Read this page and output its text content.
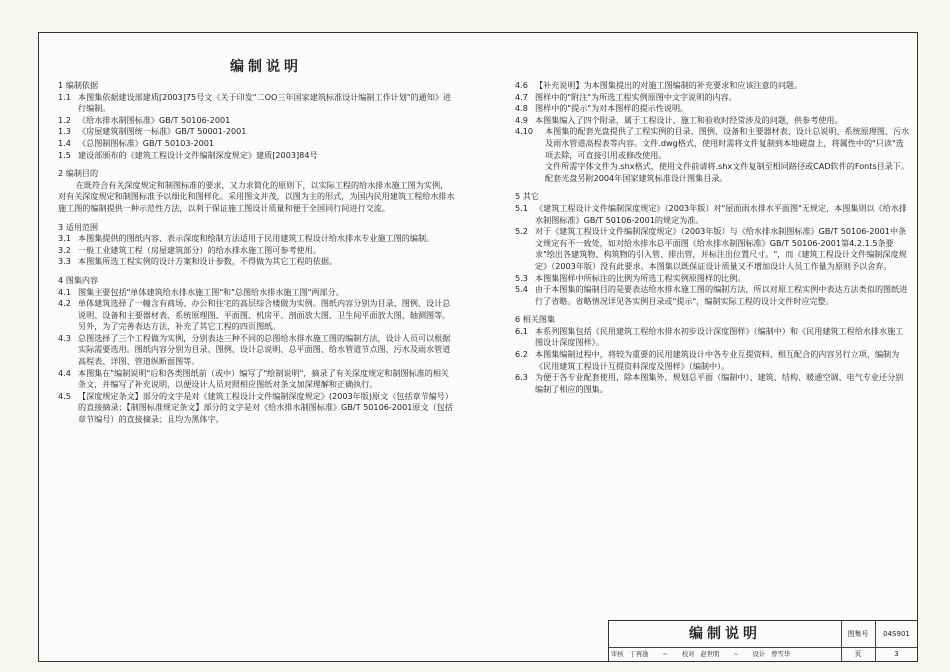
编制说明
1 编制依据
1.1 本图集依据建设部建质[2003]75号文《关于印发"二OO三年国家建筑标准设计编制工作计划"的通知》进行编制。
1.2 《给水排水制图标准》GB/T 50106-2001
1.3 《房屋建筑制图统一标准》GB/T 50001-2001
1.4 《总图制图标准》GB/T 50103-2001
1.5 建设部颁布的《建筑工程设计文件编制深度规定》建质[2003]84号
2 编制目的
在既符合有关深度规定和制图标准的要求，又力求简化的原则下，以实际工程的给水排水施工图为实例，对有关深度规定和制图标准予以细化和图样化。采用图文并茂，以图为主的形式，为国内民用建筑工程给水排水施工图的编制提供一种示范性方法，以利于保证施工图设计质量和便于全国同行间进行交流。
3 适用范围
3.1 本图集提供的图纸内容、表示深度和绘制方法适用于民用建筑工程设计给水排水专业施工图的编制。
3.2 一般工业建筑工程（房屋建筑部分）的给水排水施工图可参考使用。
3.3 本图集所选工程实例的设计方案和设计参数，不得做为其它工程的依据。
4 图集内容
4.1 图集主要包括"单体建筑给水排水施工图"和"总图给水排水施工图"两部分。
4.2 单体建筑选择了一幢含有商场、办公和住宅的高层综合楼做为实例。图纸内容分别为目录、图例、设计总说明、设备和主要器材表、系统原理图、平面图、机房平、剖面放大图、卫生间平面放大图、轴测图等。另外，为了完善表达方法，补充了其它工程的四页图纸。
4.3 总图选择了三个工程做为实例，分别表达三种不同的总图给水排水施工图的编制方法，设计人员可以根据实际需要选用。图纸内容分别为目录、图例、设计总说明、总平面图、给水管道节点图、污水及雨水管道高程表、详图、管道纵断面图等。
4.4 本图集在"编制说明"后和各类图纸前（或中）编写了"绘制说明"，摘录了有关深度规定和制图标准的相关条文，并编写了补充说明，以便设计人员对照相应图纸对条文加深理解和正确执行。
4.5 【深度规定条文】部分的文字是对《建筑工程设计文件编制深度规定》(2003年版)原文（包括章节编号）的直接摘录；【制图标准规定条文】部分的文字是对《给水排水制图标准》GB/T 50106-2001原文（包括章节编号）的直接摘录；且均为黑体字。
4.6 【补充说明】为本图集提出的对施工图编制的补充要求和应该注意的问题。
4.7 图样中的"附注"为所选工程实例原图中文字说明的内容。
4.8 图样中的"提示"为对本图样的提示性说明。
4.9 本图集编入了四个附录，属于工程设计、施工和验收时经常涉及的问题，供参考使用。
4.10	本图集的配套光盘提供了工程实例的目录、图例、设备和主要器材表、设计总说明、系统原理图、污水及雨水管道高程表等内容。文件.dwg格式，使用时需将文件复制到本地磁盘上，将属性中的"只读"选项去除，可直接引用或修改使用。
文件所需字体文件为.shx格式，使用文件前请将.shx文件复制至相同路径或CAD软件的Fonts目录下。
配套光盘另附2004年国家建筑标准设计图集目录。
5 其它
5.1 《建筑工程设计文件编制深度规定》（2003年版）对"屋面雨水排水平面图"无规定，本图集则以《给水排水制图标准》GB/T 50106-2001的规定为准。
5.2 对于《建筑工程设计文件编制深度规定》（2003年版）与《给水排水制图标准》GB/T 50106-2001中条文规定有不一致处，如对给水排水总平面图《给水排水制图标准》GB/T 50106-2001第4.2.1.5条要求"绘出各建筑物、构筑物的引入管、排出管，并标注出位置尺寸。"，而《建筑工程设计文件编制深度规定》（2003年版）没有此要求。本图集以既保证设计质量又不增加设计人员工作量为原则予以舍弃。
5.3 本图集图样中所标注的比例为所选工程实例原图样的比例。
5.4 由于本图集的编制目的是要表达给水排水施工图的编制方法，所以对原工程实例中表达方法类似的图纸进行了省略。省略情况详见各实例目录或"提示"，编制实际工程的设计文件时应完整。
6 相关图集
6.1 本系列图集包括《民用建筑工程给水排水初步设计深度图样》（编制中）和《民用建筑工程给水排水施工图设计深度图样》。
6.2 本图集编制过程中，将较为重要的民用建筑设计中各专业互提资料、相互配合的内容另行立项，编制为《民用建筑工程设计互提资料深度及图样》（编制中）。
6.3 为便于各专业配套使用，除本图集外，规划总平面（编制中）、建筑、结构、暖通空调、电气专业还分别编制了相应的图集。
编制说明	图集号	04S901
审核 丁再励 ~ 校对 赵世明 ~ 设计 曾雪华	页	3
